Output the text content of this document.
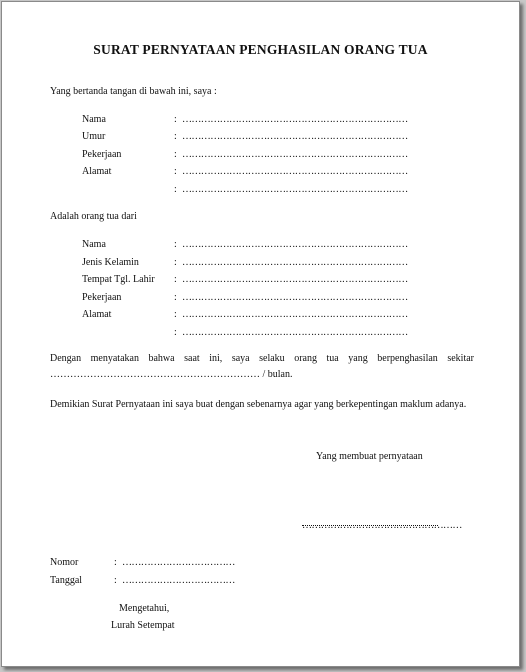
SURAT PERNYATAAN PENGHASILAN ORANG TUA
Yang bertanda tangan di bawah ini, saya :
Nama	: ………………………………………………………………
Umur	: ………………………………………………………………
Pekerjaan	: ………………………………………………………………
Alamat	: ………………………………………………………………
: ………………………………………………………………
Adalah orang tua dari
Nama	: ………………………………………………………………
Jenis Kelamin	: ………………………………………………………………
Tempat Tgl. Lahir : ………………………………………………………………
Pekerjaan	: ………………………………………………………………
Alamat	: ………………………………………………………………
: ………………………………………………………………
Dengan menyatakan bahwa saat ini, saya selaku orang tua yang berpenghasilan sekitar ……………………………………………………… / bulan.
Demikian Surat Pernyataan ini saya buat dengan sebenarnya agar yang berkepentingan maklum adanya.
Yang membuat pernyataan
……………………………………………
Nomor	: ………………………………
Tanggal	: ………………………………
Mengetahui,
Lurah Setempat
